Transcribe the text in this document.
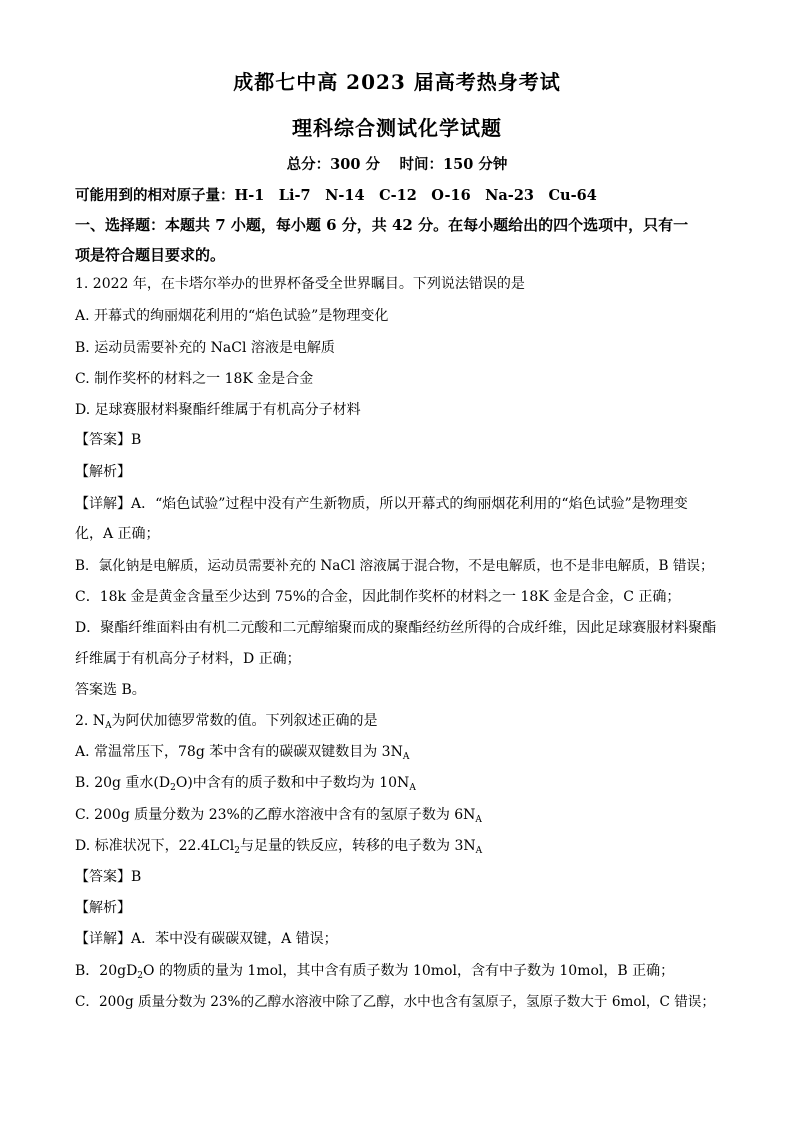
成都七中高 2023 届高考热身考试
理科综合测试化学试题
总分：300 分　 时间：150 分钟
可能用到的相对原子量：H-1　Li-7　N-14　C-12　O-16　Na-23　Cu-64
一、选择题：本题共 7 小题，每小题 6 分，共 42 分。在每小题给出的四个选项中，只有一
项是符合题目要求的。
1. 2022 年，在卡塔尔举办的世界杯备受全世界瞩目。下列说法错误的是
A. 开幕式的绚丽烟花利用的“焰色试验”是物理变化
B. 运动员需要补充的 NaCl 溶液是电解质
C. 制作奖杯的材料之一 18K 金是合金
D. 足球赛服材料聚酯纤维属于有机高分子材料
【答案】B
【解析】
【详解】A．“焰色试验”过程中没有产生新物质，所以开幕式的绚丽烟花利用的“焰色试验”是物理变
化，A 正确；
B．氯化钠是电解质，运动员需要补充的 NaCl 溶液属于混合物，不是电解质，也不是非电解质，B 错误；
C．18k 金是黄金含量至少达到 75%的合金，因此制作奖杯的材料之一 18K 金是合金，C 正确；
D．聚酯纤维面料由有机二元酸和二元醇缩聚而成的聚酯经纺丝所得的合成纤维，因此足球赛服材料聚酯
纤维属于有机高分子材料，D 正确；
答案选 B。
2. $N_A$为阿伏加德罗常数的值。下列叙述正确的是
A. 常温常压下，78g 苯中含有的碳碳双键数目为 $3N_A$
B. 20g 重水$(D_2O)$中含有的质子数和中子数均为 $10N_A$
C. 200g 质量分数为 23%的乙醇水溶液中含有的氢原子数为 $6N_A$
D. 标准状况下，22.4LCl$_2$与足量的铁反应，转移的电子数为 $3N_A$
【答案】B
【解析】
【详解】A．苯中没有碳碳双键，A 错误；
B．$20gD_2O$ 的物质的量为 1mol，其中含有质子数为 10mol，含有中子数为 10mol，B 正确；
C．200g 质量分数为 23%的乙醇水溶液中除了乙醇，水中也含有氢原子，氢原子数大于 6mol，C 错误；
